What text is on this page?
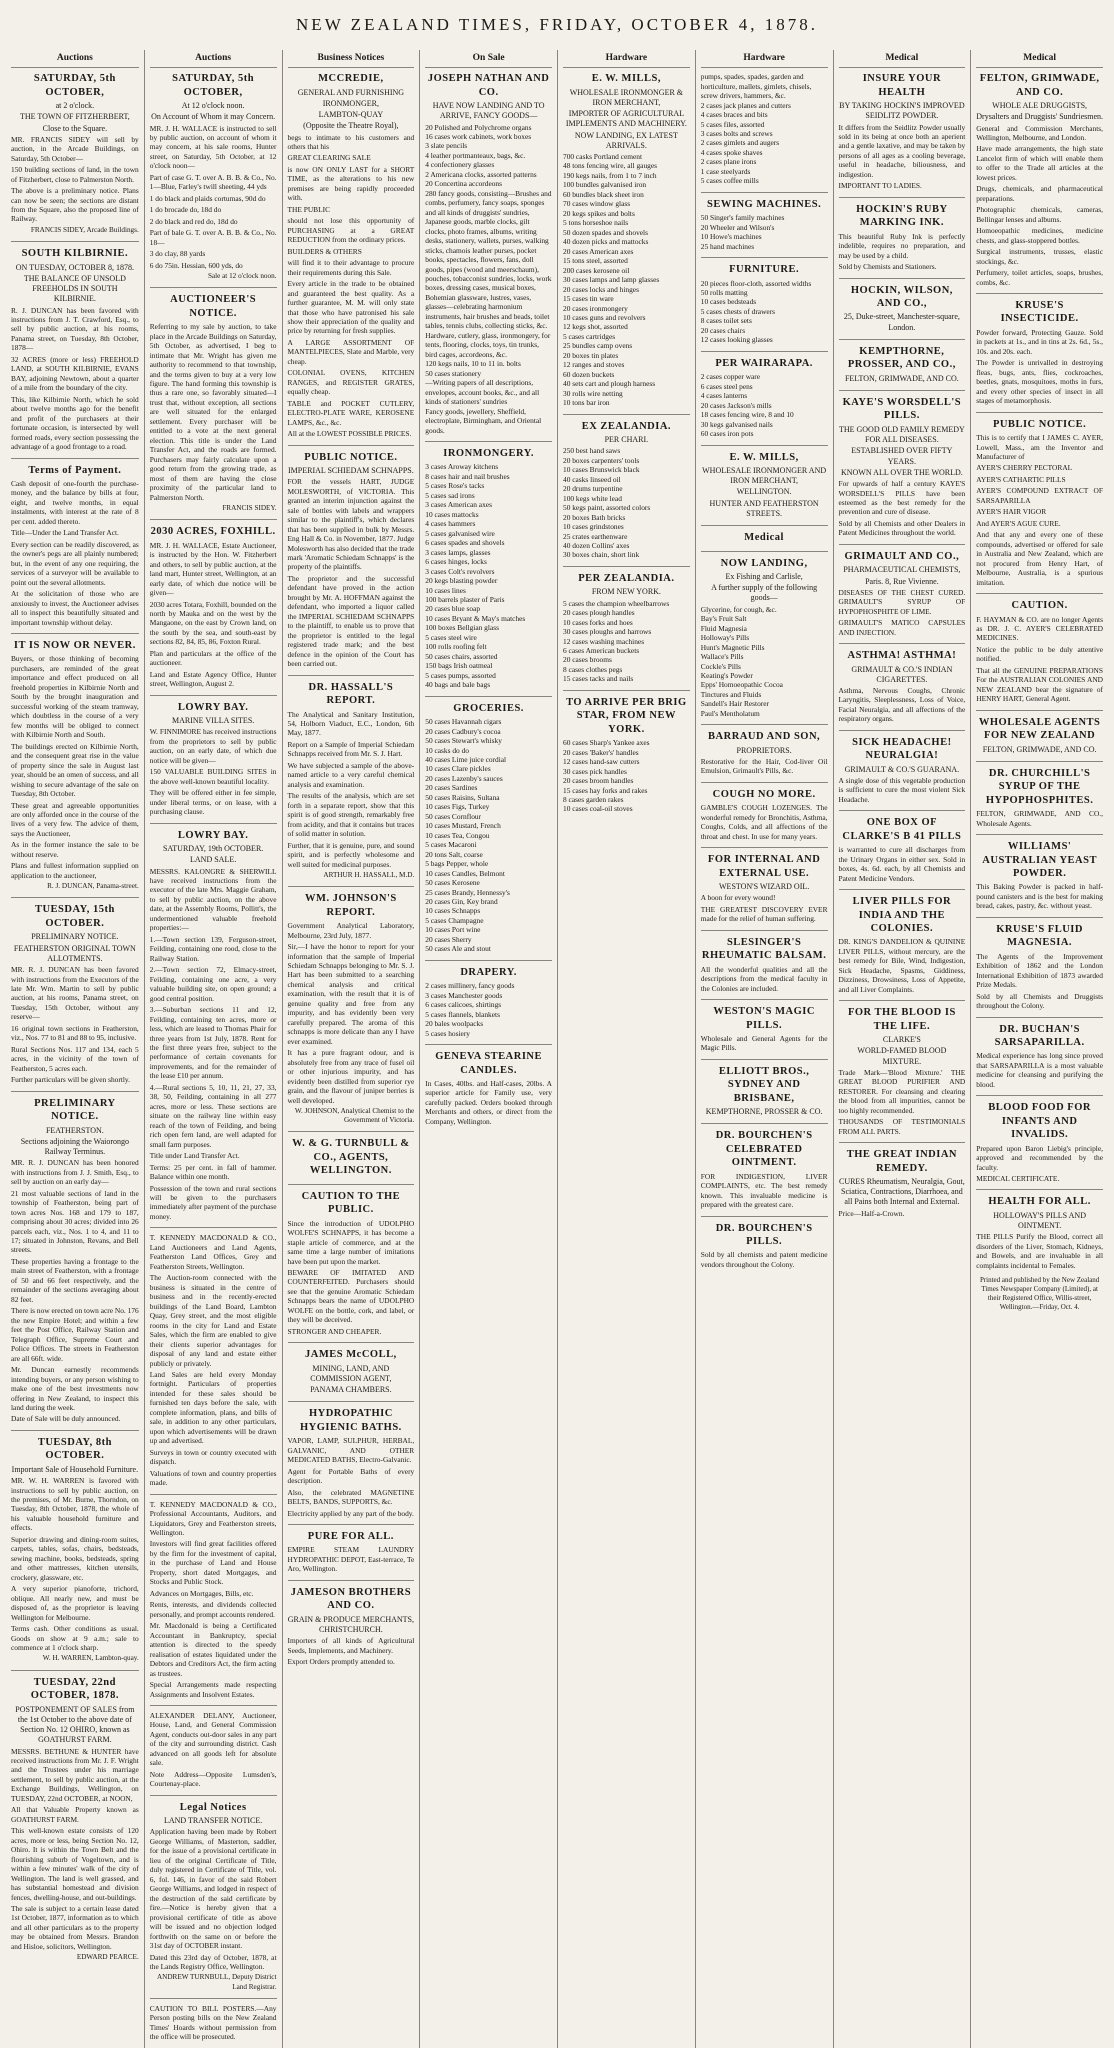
NEW ZEALAND TIMES, FRIDAY, OCTOBER 4, 1878.
Auctions
SATURDAY, 5th OCTOBER,
at 2 o'clock.
THE TOWN OF FITZHERBERT,
Close to the Square.

MR. FRANCIS SIDEY will sell by auction, in the Arcade Buildings, on Saturday, 5th October—

150 building sections of land, in the town of Fitzherbert, close to Palmerston North.

The above is a preliminary notice. Plans can now be seen; the sections are distant from the Square, also the proposed line of Railway.

FRANCIS SIDEY, Arcade Buildings.
SOUTH KILBIRNIE.
ON TUESDAY, OCTOBER 8, 1878.
THE BALANCE OF UNSOLD FREEHOLDS IN SOUTH KILBIRNIE.

R. J. DUNCAN has been favored with instructions from J. T. Crawford, Esq., to sell by public auction, at his rooms, Panama street, on Tuesday, 8th October, 1878—

32 ACRES (more or less) FREEHOLD LAND, at SOUTH KILBIRNIE, EVANS BAY, adjoining Newtown, about a quarter of a mile from the boundary of the city.

This, like Kilbirnie North, which he sold about twelve months ago for the benefit and profit of the purchasers at their fortunate occasion, is intersected by well formed roads, every section possessing the advantage of a good frontage to a road.

Terms of Payment.

Cash deposit of one-fourth the purchase-money, and the balance by bills at four, eight, and twelve months, in equal instalments, with interest at the rate of 8 per cent. added thereto.

Title—Under the Land Transfer Act.

Every section can be readily discovered, as the owner's pegs are all plainly numbered; but, in the event of any one requiring, the services of a surveyor will be available to point out the several allotments.

At the solicitation of those who are anxiously to invest, the Auctioneer advises all to inspect this beautifully situated and important township without delay.

IT IS NOW OR NEVER.

Buyers, or those thinking of becoming purchasers, are reminded of the great importance and effect produced on all freehold properties in Kilbirnie North and South by the brought inauguration and successful working of the steam tramway, which doubtless in the course of a very few months will be obliged to connect with Kilbirnie North and South.

The buildings erected on Kilbirnie North, and the consequent great rise in the value of property since the sale in August last year, should be an omen of success, and all wishing to secure advantage of the sale on Tuesday, 8th October.

These great and agreeable opportunities are only afforded once in the course of the lives of a very few. The advice of them, says the Auctioneer,

As in the former instance the sale to be without reserve.

Plans and fullest information supplied on application to the auctioneer,

R. J. DUNCAN, Panama-street.
TUESDAY, 15th OCTOBER.
PRELIMINARY NOTICE.
FEATHERSTON ORIGINAL TOWN ALLOTMENTS.

MR. R. J. DUNCAN has been favored with instructions from the Executors of the late Mr. Wm. Martin to sell by public auction, at his rooms, Panama street, on Tuesday, 15th October, without any reserve—

16 original town sections in Featherston, viz., Nos. 77 to 81 and 88 to 95, inclusive.

Rural Sections Nos. 117 and 134, each 5 acres, in the vicinity of the town of Featherston, 5 acres each.

Further particulars will be given shortly.

PRELIMINARY NOTICE.
FEATHERSTON.
Sections adjoining the Waiorongo Railway Terminus.

MR. R. J. DUNCAN has been honored with instructions from J. J. Smith, Esq., to sell by auction on an early day—

21 most valuable sections of land in the township of Featherston, being part of town acres Nos. 168 and 179 to 187, comprising about 30 acres; divided into 26 parcels each, viz., Nos. 1 to 4, and 11 to 17; situated in Johnston, Revans, and Bell streets.

These properties having a frontage to the main street of Featherston, with a frontage of 50 and 66 feet respectively, and the remainder of the sections averaging about 82 feet.

There is now erected on town acre No. 176 the new Empire Hotel; and within a few feet the Post Office, Railway Station and Telegraph Office, Supreme Court and Police Offices. The streets in Featherston are all 66ft. wide.

Mr. Duncan earnestly recommends intending buyers, or any person wishing to make one of the best investments now offering in New Zealand, to inspect this land during the week.

Date of Sale will be duly announced.

TUESDAY, 8th OCTOBER.
Important Sale of Household Furniture.

MR. W. H. WARREN is favored with instructions to sell by public auction, on the premises, of Mr. Burne, Thorndon, on Tuesday, 8th October, 1878, the whole of his valuable household furniture and effects.

Superior drawing and dining-room suites, carpets, tables, sofas, chairs, bedsteads, sewing machine, books, bedsteads, spring and other mattresses, kitchen utensils, crockery, glassware, etc.

A very superior pianoforte, trichord, oblique. All nearly new, and must be disposed of, as the proprietor is leaving Wellington for Melbourne.

Terms cash. Other conditions as usual. Goods on show at 9 a.m.; sale to commence at 1 o'clock sharp.

W. H. WARREN, Lambton-quay.
TUESDAY, 22nd OCTOBER, 1878.
POSTPONEMENT OF SALES from the 1st October to the above date of Section No. 12 OHIRO, known as GOATHURST FARM.

MESSRS. BETHUNE & HUNTER have received instructions from Mr. J. F. Wright and the Trustees under his marriage settlement, to sell by public auction, at the Exchange Buildings, Wellington, on TUESDAY, 22nd OCTOBER, at NOON,

All that Valuable Property known as GOATHURST FARM.

This well-known estate consists of 120 acres, more or less, being Section No. 12, Ohiro. It is within the Town Belt and the flourishing suburb of Vogeltown, and is within a few minutes' walk of the city of Wellington. The land is well grassed, and has substantial homestead and division fences, dwelling-house, and out-buildings.

The sale is subject to a certain lease dated 1st October, 1877, information as to which and all other particulars as to the property may be obtained from Messrs. Brandon and Hisloe, solicitors, Wellington.

EDWARD PEARCE.
Auctions
SATURDAY, 5th OCTOBER,
At 12 o'clock noon.
On Account of Whom it may Concern.

MR. J. H. WALLACE is instructed to sell by public auction, on account of whom it may concern, at his sale rooms, Hunter street, on Saturday, 5th October, at 12 o'clock noon—

Part of case G. T. over A. B. B. & Co., No. 1—Blue, Farley's twill sheeting, 44 yds

1 do black and plaids cortumas, 90d do

1 do brocade do, 18d do

2 do black and red do, 18d do

Part of bale G. T. over A. B. B. & Co., No. 18—

3 do clay, 88 yards

6 do 75in. Hessian, 600 yds, do

Sale at 12 o'clock noon.
AUCTIONEER'S NOTICE.

Referring to my sale by auction, to take place in the Arcade Buildings on Saturday, 5th October, as advertised, I beg to intimate that Mr. Wright has given me authority to recommend to that township, and the terms given to buy at a very low figure. The hand forming this township is thus a rare one, so favorably situated—I trust that, without exception, all sections are well situated for the enlarged settlement. Every purchaser will be entitled to a vote at the next general election. This title is under the Land Transfer Act, and the roads are formed. Purchasers may fairly calculate upon a good return from the growing trade, as most of them are having the close proximity of the particular land to Palmerston North.

FRANCIS SIDEY.
2030 ACRES, FOXHILL.

MR. J. H. WALLACE, Estate Auctioneer, is instructed by the Hon. W. Fitzherbert and others, to sell by public auction, at the land mart, Hunter street, Wellington, at an early date, of which due notice will be given—

2030 acres Totara, Foxhill, bounded on the north by Mauka and on the west by the Mangaone, on the east by Crown land, on the south by the sea, and south-east by sections 82, 84, 85, 86, Foxton Rural.

Plan and particulars at the office of the auctioneer.

Land and Estate Agency Office, Hunter street, Wellington, August 2.

LOWRY BAY.
MARINE VILLA SITES.

W. FINNIMORE has received instructions from the proprietors to sell by public auction, on an early date, of which due notice will be given—

150 VALUABLE BUILDING SITES in the above well-known beautiful locality.

They will be offered either in fee simple, under liberal terms, or on lease, with a purchasing clause.

LOWRY BAY.
SATURDAY, 19th OCTOBER.
LAND SALE.

MESSRS. KALONGRE & SHERWILL have received instructions from the executor of the late Mrs. Maggie Graham, to sell by public auction, on the above date, at the Assembly Rooms, Pollitt's, the undermentioned valuable freehold properties:—

1.—Town section 139, Ferguson-street, Feilding, containing one rood, close to the Railway Station.

2.—Town section 72, Elmacy-street, Feilding, containing one acre, a very valuable building site, on open ground; a good central position.

3.—Suburban sections 11 and 12, Feilding, containing ten acres, more or less, which are leased to Thomas Phair for three years from 1st July, 1878. Rent for the first three years free, subject to the performance of certain covenants for improvements, and for the remainder of the lease £10 per annum.

4.—Rural sections 5, 10, 11, 21, 27, 33, 38, 50, Feilding, containing in all 277 acres, more or less. These sections are situate on the railway line within easy reach of the town of Feilding, and being rich open fern land, are well adapted for small farm purposes.

Title under Land Transfer Act.

Terms: 25 per cent. in fall of hammer. Balance within one month.

Possession of the town and rural sections will be given to the purchasers immediately after payment of the purchase money.

T. KENNEDY MACDONALD & CO., Land Auctioneers and Land Agents, Featherston Land Offices, Grey and Featherston Streets, Wellington.

The Auction-room connected with the business is situated in the centre of business and in the recently-erected buildings of the Land Board, Lambton Quay, Grey street, and the most eligible rooms in the city for Land and Estate Sales, which the firm are enabled to give their clients superior advantages for disposal of any land and estate either publicly or privately.

Land Sales are held every Monday fortnight. Particulars of properties intended for these sales should be furnished ten days before the sale, with complete information, plans, and bills of sale, in addition to any other particulars, upon which advertisements will be drawn up and advertised.

Surveys in town or country executed with dispatch.

Valuations of town and country properties made.

T. KENNEDY MACDONALD & CO., Professional Accountants, Auditors, and Liquidators, Grey and Featherston streets, Wellington.

Investors will find great facilities offered by the firm for the investment of capital, in the purchase of Land and House Property, short dated Mortgages, and Stocks and Public Stock.

Advances on Mortgages, Bills, etc.

Rents, interests, and dividends collected personally, and prompt accounts rendered.

Mr. Macdonald is being a Certificated Accountant in Bankruptcy, special attention is directed to the speedy realisation of estates liquidated under the Debtors and Creditors Act, the firm acting as trustees.

Special Arrangements made respecting Assignments and Insolvent Estates.

ALEXANDER DELANY, Auctioneer, House, Land, and General Commission Agent, conducts out-door sales in any part of the city and surrounding district. Cash advanced on all goods left for absolute sale.

Note Address—Opposite Lumsden's, Courtenay-place.

Legal Notices
LAND TRANSFER NOTICE.

Application having been made by Robert George Williams, of Masterton, saddler, for the issue of a provisional certificate in lieu of the original Certificate of Title, duly registered in Certificate of Title, vol. 6, fol. 146, in favor of the said Robert George Williams, and lodged in respect of the destruction of the said certificate by fire.—Notice is hereby given that a provisional certificate of title as above will be issued and no objection lodged forthwith on the same on or before the 31st day of OCTOBER instant.

Dated this 23rd day of October, 1878, at the Lands Registry Office, Wellington.

ANDREW TURNBULL, Deputy District Land Registrar.

CAUTION TO BILL POSTERS.—Any Person posting bills on the New Zealand Times' Hoards without permission from the office will be prosecuted.

Business Notices
MCCREDIE,
GENERAL AND FURNISHING
IRONMONGER,
LAMBTON-QUAY
(Opposite the Theatre Royal),

begs to intimate to his customers and others that his

GREAT CLEARING SALE

is now ON ONLY LAST for a SHORT TIME, as the alterations to his new premises are being rapidly proceeded with.

THE PUBLIC

should not lose this opportunity of PURCHASING at a GREAT REDUCTION from the ordinary prices.

BUILDERS & OTHERS

will find it to their advantage to procure their requirements during this Sale.

Every article in the trade to be obtained and guaranteed the best quality. As a further guarantee, M. M. will only state that those who have patronised his sale show their appreciation of the quality and price by returning for fresh supplies.

A LARGE ASSORTMENT OF MANTELPIECES, Slate and Marble, very cheap.

COLONIAL OVENS, KITCHEN RANGES, and REGISTER GRATES, equally cheap.

TABLE and POCKET CUTLERY, ELECTRO-PLATE WARE, KEROSENE LAMPS, &c., &c.

All at the LOWEST POSSIBLE PRICES.

PUBLIC NOTICE.
IMPERIAL SCHIEDAM SCHNAPPS.

FOR the vessels HART, JUDGE MOLESWORTH, of VICTORIA. This granted an interim injunction against the sale of bottles with labels and wrappers similar to the plaintiff's, which declares that has been supplied in bulk by Messrs. Eng Hall & Co. in November, 1877. Judge Molesworth has also decided that the trade mark 'Aromatic Schiedam Schnapps' is the property of the plaintiffs.

The proprietor and the successful defendant have proved in the action brought by Mr. A. HOFFMAN against the defendant, who imported a liquor called the IMPERIAL SCHIEDAM SCHNAPPS to the plaintiff, to enable us to prove that the proprietor is entitled to the legal registered trade mark; and the best defence in the opinion of the Court has been carried out.

DR. HASSALL'S REPORT.

The Analytical and Sanitary Institution, 54, Holborn Viaduct, E.C., London, 6th May, 1877.

Report on a Sample of Imperial Schiedam Schnapps received from Mr. S. J. Hart.

We have subjected a sample of the above-named article to a very careful chemical analysis and examination.

The results of the analysis, which are set forth in a separate report, show that this spirit is of good strength, remarkably free from acidity, and that it contains but traces of solid matter in solution.

Further, that it is genuine, pure, and sound spirit, and is perfectly wholesome and well suited for medicinal purposes.

ARTHUR H. HASSALL, M.D.
WM. JOHNSON'S REPORT.

Government Analytical Laboratory, Melbourne, 23rd July, 1877.

Sir,—I have the honor to report for your information that the sample of Imperial Schiedam Schnapps belonging to Mr. S. J. Hart has been submitted to a searching chemical analysis and critical examination, with the result that it is of genuine quality and free from any impurity, and has evidently been very carefully prepared. The aroma of this schnapps is more delicate than any I have ever examined.

It has a pure fragrant odour, and is absolutely free from any trace of fusel oil or other injurious impurity, and has evidently been distilled from superior rye grain, and the flavour of juniper berries is well developed.

W. JOHNSON, Analytical Chemist to the Government of Victoria.
W. & G. TURNBULL & CO., AGENTS, WELLINGTON.
CAUTION TO THE PUBLIC.

Since the introduction of UDOLPHO WOLFE'S SCHNAPPS, it has become a staple article of commerce, and at the same time a large number of imitations have been put upon the market.

BEWARE OF IMITATED AND COUNTERFEITED. Purchasers should see that the genuine Aromatic Schiedam Schnapps bears the name of UDOLPHO WOLFE on the bottle, cork, and label, or they will be deceived.

STRONGER AND CHEAPER.

JAMES McCOLL,
MINING, LAND, AND COMMISSION AGENT,
PANAMA CHAMBERS.
HYDROPATHIC HYGIENIC BATHS.

VAPOR, LAMP, SULPHUR, HERBAL, GALVANIC, AND OTHER MEDICATED BATHS, Electro-Galvanic.

Agent for Portable Baths of every description.

Also, the celebrated MAGNETINE BELTS, BANDS, SUPPORTS, &c.

Electricity applied by any part of the body.

PURE FOR ALL.

EMPIRE STEAM LAUNDRY HYDROPATHIC DEPOT, East-terrace, Te Aro, Wellington.

JAMESON BROTHERS AND CO.
GRAIN & PRODUCE MERCHANTS, CHRISTCHURCH.

Importers of all kinds of Agricultural Seeds, Implements, and Machinery.

Export Orders promptly attended to.

On Sale
JOSEPH NATHAN AND CO.
HAVE NOW LANDING AND TO ARRIVE, FANCY GOODS—
20 Polished and Polychrome organs
16 cases work cabinets, work boxes
3 slate pencils
4 leather portmanteaux, bags, &c.
4 confectionery glasses
2 Americana clocks, assorted patterns
20 Concertina accordeons
280 fancy goods, consisting—Brushes and combs, perfumery, fancy soaps, sponges and all kinds of druggists' sundries, Japanese goods, marble clocks, gilt clocks, photo frames, albums, writing desks, stationery, wallets, purses, walking sticks, chamois leather purses, pocket books, spectacles, flowers, fans, doll goods, pipes (wood and meerschaum), pouches, tobacconist sundries, locks, work boxes, dressing cases, musical boxes, Bohemian glassware, lustres, vases, glasses—celebrating harmonium instruments, hair brushes and beads, toilet tables, tennis clubs, collecting sticks, &c.
Hardware, cutlery, glass, ironmongery, for tents, flooring, clocks, toys, tin trunks, bird cages, accordeons, &c.
120 kegs nails, 10 to 11 in. bolts
50 cases stationery
—Writing papers of all descriptions, envelopes, account books, &c., and all kinds of stationers' sundries
Fancy goods, jewellery, Sheffield, electroplate, Birmingham, and Oriental goods.
IRONMONGERY.
3 cases Aroway kitchens
8 cases hair and nail brushes
5 cases Rose's tacks
5 cases sad irons
3 cases American axes
10 cases mattocks
4 cases hammers
5 cases galvanised wire
6 cases spades and shovels
3 cases lamps, glasses
6 cases hinges, locks
3 cases Colt's revolvers
20 kegs blasting powder
10 cases lines
100 barrels plaster of Paris
20 cases blue soap
10 cases Bryant & May's matches
100 boxes Bellgian glass
5 cases steel wire
100 rolls roofing felt
50 cases chairs, assorted
150 bags Irish oatmeal
5 cases pumps, assorted
40 bags and bale bags
GROCERIES.
50 cases Havannah cigars
20 cases Cadbury's cocoa
50 cases Stewart's whisky
10 casks do do
40 cases Lime juice cordial
10 cases Clare pickles
20 cases Lazenby's sauces
20 cases Sardines
50 cases Raisins, Sultana
10 cases Figs, Turkey
50 cases Cornflour
10 cases Mustard, French
10 cases Tea, Congou
5 cases Macaroni
20 tons Salt, coarse
5 bags Pepper, whole
10 cases Candles, Belmont
50 cases Kerosene
25 cases Brandy, Hennessy's
20 cases Gin, Key brand
10 cases Schnapps
5 cases Champagne
10 cases Port wine
20 cases Sherry
50 cases Ale and stout
DRAPERY.
2 cases millinery, fancy goods
3 cases Manchester goods
6 cases calicoes, shirtings
5 cases flannels, blankets
20 bales woolpacks
5 cases hosiery
GENEVA STEARINE CANDLES.

In Cases, 40lbs. and Half-cases, 20lbs. A superior article for Family use, very carefully packed. Orders booked through Merchants and others, or direct from the Company, Wellington.

Hardware
E. W. MILLS,
WHOLESALE IRONMONGER & IRON MERCHANT,
IMPORTER OF AGRICULTURAL IMPLEMENTS AND MACHINERY.
NOW LANDING, EX LATEST ARRIVALS.
700 casks Portland cement
48 tons fencing wire, all gauges
190 kegs nails, from 1 to 7 inch
100 bundles galvanised iron
60 bundles black sheet iron
70 cases window glass
20 kegs spikes and bolts
5 tons horseshoe nails
50 dozen spades and shovels
40 dozen picks and mattocks
20 cases American axes
15 tons steel, assorted
200 cases kerosene oil
30 cases lamps and lamp glasses
20 cases locks and hinges
15 cases tin ware
20 cases ironmongery
10 cases guns and revolvers
12 kegs shot, assorted
5 cases cartridges
25 bundles camp ovens
20 boxes tin plates
12 ranges and stoves
60 dozen buckets
40 sets cart and plough harness
30 rolls wire netting
10 tons bar iron
EX ZEALANDIA.
PER CHARI.
250 best hand saws
20 boxes carpenters' tools
10 cases Brunswick black
40 casks linseed oil
20 drums turpentine
100 kegs white lead
50 kegs paint, assorted colors
20 boxes Bath bricks
10 cases grindstones
25 crates earthenware
40 dozen Collins' axes
30 boxes chain, short link
PER ZEALANDIA.
FROM NEW YORK.
5 cases the champion wheelbarrows
20 cases plough handles
10 cases forks and hoes
30 cases ploughs and harrows
12 cases washing machines
6 cases American buckets
20 cases brooms
8 cases clothes pegs
15 cases tacks and nails
TO ARRIVE PER BRIG STAR, FROM NEW YORK.
60 cases Sharp's Yankee axes
20 cases 'Baker's' handles
12 cases hand-saw cutters
30 cases pick handles
20 cases broom handles
15 cases hay forks and rakes
8 cases garden rakes
10 cases coal-oil stoves
Hardware
pumps, spades, spades, garden and horticulture, mallets, gimlets, chisels, screw drivers, hammers, &c.
2 cases jack planes and cutters
4 cases braces and bits
5 cases files, assorted
3 cases bolts and screws
2 cases gimlets and augers
4 cases spoke shaves
2 cases plane irons
1 case steelyards
5 cases coffee mills
SEWING MACHINES.
50 Singer's family machines
20 Wheeler and Wilson's
10 Howe's machines
25 hand machines
FURNITURE.
20 pieces floor-cloth, assorted widths
50 rolls matting
10 cases bedsteads
5 cases chests of drawers
8 cases toilet sets
20 cases chairs
12 cases looking glasses
PER WAIRARAPA.
2 cases copper ware
6 cases steel pens
4 cases lanterns
20 cases Jackson's mills
18 cases fencing wire, 8 and 10
30 kegs galvanised nails
60 cases iron pots
E. W. MILLS,
WHOLESALE IRONMONGER AND IRON MERCHANT,
WELLINGTON.
HUNTER AND FEATHERSTON STREETS.
Medical
NOW LANDING,
Ex Fishing and Carlisle,
A further supply of the following goods—
Glycerine, for cough, &c.
Bay's Fruit Salt
Fluid Magnesia
Holloway's Pills
Hunt's Magnetic Pills
Wallace's Pills
Cockle's Pills
Keating's Powder
Epps' Homoeopathic Cocoa
Tinctures and Fluids
Sandell's Hair Restorer
Paul's Mentholatum
BARRAUD AND SON,
PROPRIETORS.

Restorative for the Hair, Cod-liver Oil Emulsion, Grimault's Pills, &c.

COUGH NO MORE.

GAMBLE'S COUGH LOZENGES. The wonderful remedy for Bronchitis, Asthma, Coughs, Colds, and all affections of the throat and chest. In use for many years.

FOR INTERNAL AND EXTERNAL USE.
WESTON'S WIZARD OIL.

A boon for every wound!

THE GREATEST DISCOVERY EVER made for the relief of human suffering.

SLESINGER'S RHEUMATIC BALSAM.

All the wonderful qualities and all the descriptions from the medical faculty in the Colonies are included.

WESTON'S MAGIC PILLS.

Wholesale and General Agents for the Magic Pills.

ELLIOTT BROS., SYDNEY AND BRISBANE,
KEMPTHORNE, PROSSER & CO.
DR. BOURCHEN'S CELEBRATED OINTMENT.

FOR INDIGESTION, LIVER COMPLAINTS, etc. The best remedy known. This invaluable medicine is prepared with the greatest care.

DR. BOURCHEN'S PILLS.

Sold by all chemists and patent medicine vendors throughout the Colony.

Medical
INSURE YOUR HEALTH
BY TAKING HOCKIN'S IMPROVED SEIDLITZ POWDER.

It differs from the Seidlitz Powder usually sold in its being at once both an aperient and a gentle laxative, and may be taken by persons of all ages as a cooling beverage, useful in headache, biliousness, and indigestion.

IMPORTANT TO LADIES.

HOCKIN'S RUBY MARKING INK.

This beautiful Ruby Ink is perfectly indelible, requires no preparation, and may be used by a child.

Sold by Chemists and Stationers.

HOCKIN, WILSON, AND CO.,
25, Duke-street, Manchester-square, London.
KEMPTHORNE, PROSSER, AND CO.,
FELTON, GRIMWADE, AND CO.
KAYE'S WORSDELL'S PILLS.
THE GOOD OLD FAMILY REMEDY FOR ALL DISEASES.
ESTABLISHED OVER FIFTY YEARS.
KNOWN ALL OVER THE WORLD.

For upwards of half a century KAYE'S WORSDELL'S PILLS have been esteemed as the best remedy for the prevention and cure of disease.

Sold by all Chemists and other Dealers in Patent Medicines throughout the world.

GRIMAULT AND CO.,
PHARMACEUTICAL CHEMISTS,
Paris. 8, Rue Vivienne.

DISEASES OF THE CHEST CURED. GRIMAULT'S SYRUP OF HYPOPHOSPHITE OF LIME.

GRIMAULT'S MATICO CAPSULES AND INJECTION.

ASTHMA! ASTHMA!
GRIMAULT & CO.'S INDIAN CIGARETTES.

Asthma, Nervous Coughs, Chronic Laryngitis, Sleeplessness, Loss of Voice, Facial Neuralgia, and all affections of the respiratory organs.

SICK HEADACHE! NEURALGIA!
GRIMAULT & CO.'S GUARANA.

A single dose of this vegetable production is sufficient to cure the most violent Sick Headache.

ONE BOX OF CLARKE'S B 41 PILLS

is warranted to cure all discharges from the Urinary Organs in either sex. Sold in boxes, 4s. 6d. each, by all Chemists and Patent Medicine Vendors.

LIVER PILLS FOR INDIA AND THE COLONIES.

DR. KING'S DANDELION & QUININE LIVER PILLS, without mercury, are the best remedy for Bile, Wind, Indigestion, Sick Headache, Spasms, Giddiness, Dizziness, Drowsiness, Loss of Appetite, and all Liver Complaints.

FOR THE BLOOD IS THE LIFE.
CLARKE'S
WORLD-FAMED BLOOD MIXTURE.

Trade Mark—'Blood Mixture.' THE GREAT BLOOD PURIFIER AND RESTORER. For cleansing and clearing the blood from all impurities, cannot be too highly recommended.

THOUSANDS OF TESTIMONIALS FROM ALL PARTS.

THE GREAT INDIAN REMEDY.
CURES Rheumatism, Neuralgia, Gout, Sciatica, Contractions, Diarrhoea, and all Pains both Internal and External.

Price—Half-a-Crown.

Medical
FELTON, GRIMWADE, AND CO.
WHOLE ALE DRUGGISTS,
Drysalters and Druggists' Sundriesmen.

General and Commission Merchants, Wellington, Melbourne, and London.

Have made arrangements, the high state Lancelot firm of which will enable them to offer to the Trade all articles at the lowest prices.

Drugs, chemicals, and pharmaceutical preparations.

Photographic chemicals, cameras, Bellingar lenses and albums.

Homoeopathic medicines, medicine chests, and glass-stoppered bottles.

Surgical instruments, trusses, elastic stockings, &c.

Perfumery, toilet articles, soaps, brushes, combs, &c.

KRUSE'S INSECTICIDE.

Powder forward, Protecting Gauze. Sold in packets at 1s., and in tins at 2s. 6d., 5s., 10s. and 20s. each.

The Powder is unrivalled in destroying fleas, bugs, ants, flies, cockroaches, beetles, gnats, mosquitoes, moths in furs, and every other species of insect in all stages of metamorphosis.

PUBLIC NOTICE.

This is to certify that I JAMES C. AYER, Lowell, Mass., am the Inventor and Manufacturer of

AYER'S CHERRY PECTORAL

AYER'S CATHARTIC PILLS

AYER'S COMPOUND EXTRACT OF SARSAPARILLA

AYER'S HAIR VIGOR

And AYER'S AGUE CURE.

And that any and every one of these compounds, advertised or offered for sale in Australia and New Zealand, which are not procured from Henry Hart, of Melbourne, Australia, is a spurious imitation.

CAUTION.

F. HAYMAN & CO. are no longer Agents as DR. J. C. AYER'S CELEBRATED MEDICINES.

Notice the public to be duly attentive notified.

That all the GENUINE PREPARATIONS For the AUSTRALIAN COLONIES AND NEW ZEALAND bear the signature of HENRY HART, General Agent.

WHOLESALE AGENTS FOR NEW ZEALAND
FELTON, GRIMWADE, AND CO.
DR. CHURCHILL'S SYRUP OF THE HYPOPHOSPHITES.

FELTON, GRIMWADE, AND CO., Wholesale Agents.

WILLIAMS' AUSTRALIAN YEAST POWDER.

This Baking Powder is packed in half-pound canisters and is the best for making bread, cakes, pastry, &c. without yeast.

KRUSE'S FLUID MAGNESIA.

The Agents of the Improvement Exhibition of 1862 and the London International Exhibition of 1873 awarded Prize Medals.

Sold by all Chemists and Druggists throughout the Colony.

DR. BUCHAN'S SARSAPARILLA.

Medical experience has long since proved that SARSAPARILLA is a most valuable medicine for cleansing and purifying the blood.

BLOOD FOOD FOR INFANTS AND INVALIDS.

Prepared upon Baron Liebig's principle, approved and recommended by the faculty.

MEDICAL CERTIFICATE.

HEALTH FOR ALL.
HOLLOWAY'S PILLS AND OINTMENT.

THE PILLS Purify the Blood, correct all disorders of the Liver, Stomach, Kidneys, and Bowels, and are invaluable in all complaints incidental to Females.

Printed and published by the New Zealand Times Newspaper Company (Limited), at their Registered Office, Willis-street, Wellington.—Friday, Oct. 4.
